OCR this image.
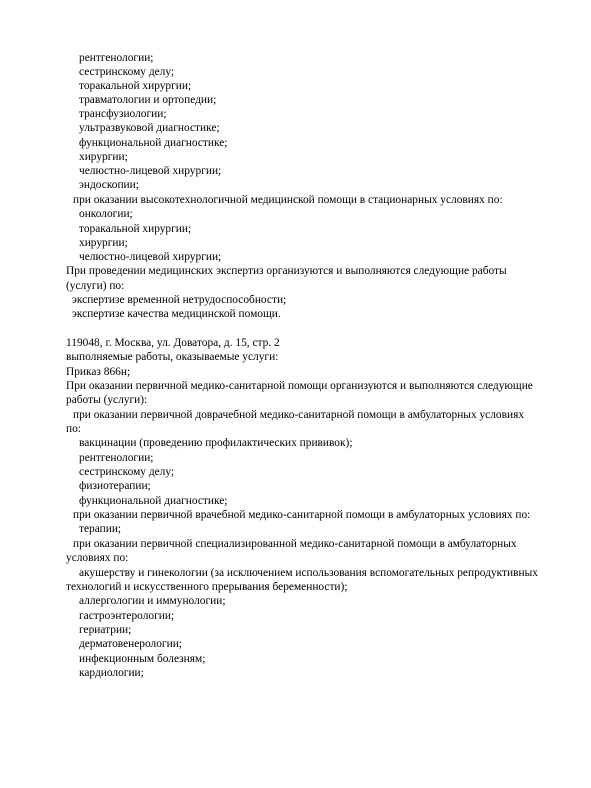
рентгенологии;
сестринскому делу;
торакальной хирургии;
травматологии и ортопедии;
трансфузиологии;
ультразвуковой диагностике;
функциональной диагностике;
хирургии;
челюстно-лицевой хирургии;
эндоскопии;
при оказании высокотехнологичной медицинской помощи в стационарных условиях по:
онкологии;
торакальной хирургии;
хирургии;
челюстно-лицевой хирургии;
При проведении медицинских экспертиз организуются и выполняются следующие работы
(услуги) по:
экспертизе временной нетрудоспособности;
экспертизе качества медицинской помощи.
119048, г. Москва, ул. Доватора, д. 15, стр. 2
выполняемые работы, оказываемые услуги:
Приказ 866н;
При оказании первичной медико-санитарной помощи организуются и выполняются следующие
работы (услуги):
при оказании первичной доврачебной медико-санитарной помощи в амбулаторных условиях
по:
вакцинации (проведению профилактических прививок);
рентгенологии;
сестринскому делу;
физиотерапии;
функциональной диагностике;
при оказании первичной врачебной медико-санитарной помощи в амбулаторных условиях по:
терапии;
при оказании первичной специализированной медико-санитарной помощи в амбулаторных
условиях по:
акушерству и гинекологии (за исключением использования вспомогательных репродуктивных
технологий и искусственного прерывания беременности);
аллергологии и иммунологии;
гастроэнтерологии;
гериатрии;
дерматовенерологии;
инфекционным болезням;
кардиологии;
